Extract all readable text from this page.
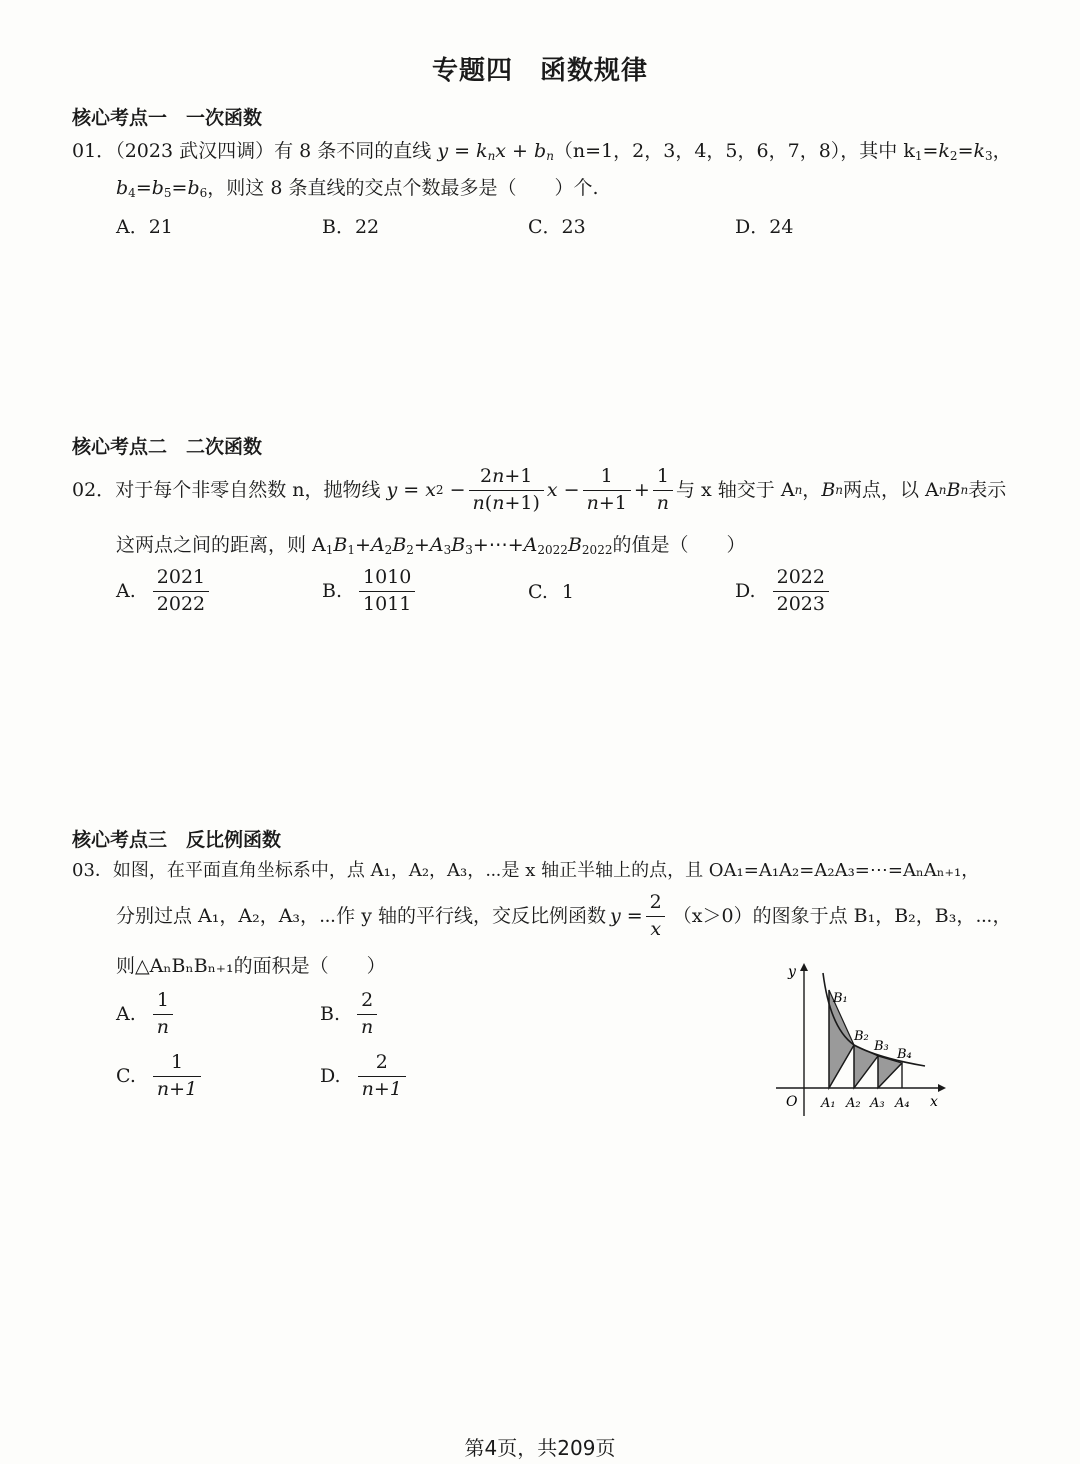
专题四　函数规律
核心考点一　一次函数
01．（2023 武汉四调）有 8 条不同的直线 $y = k_nx + b_n(n=1$，2，3，4，5，6，7，8），其中 $k_1=k_2=k_3$，
$b_4=b_5=b_6$，则这 8 条直线的交点个数最多是（　　）个.
A．21	B．22	C．23	D．24
核心考点二　二次函数
02． 对于每个非零自然数 n，抛物线 y = x $2 - \frac{2n+1}{n(n+1)}$ $x - \frac{1}{n+1} + \frac{1}{n}$ 与 x 轴交于 A n ， B n 两点，以 A n B n 表示
这两点之间的距离，则 $A_1B_1+A_2B_2+A_3B_3+\cdots+A_{2022}B_{2022}$的值是（　　）
A. $\frac{2021}{2022}$	B. $\frac{1010}{1011}$	C. 1	D. $\frac{2022}{2023}$
核心考点三　反比例函数
03．如图，在平面直角坐标系中，点 A₁，A₂，A₃，⋯是 x 轴正半轴上的点，且 OA₁=A₁A₂=A₂A₃=⋯=AₙAₙ₊₁，
分别过点 A₁，A₂，A₃，⋯作 y 轴的平行线，交反比例函数 $y = \frac{2}{x} (x>0)$的图象于点 B₁，B₂，B₃，⋯，
则△AₙBₙBₙ₊₁的面积是（　　）
A. $\frac{1}{n}$	B. $\frac{2}{n}$
C. $\frac{1}{n+1}$	D. $\frac{2}{n+1}$
y
x
O A₁ A₂ A₃ A₄
B₁
B₂
B₃
B₄
第4页，共209页
